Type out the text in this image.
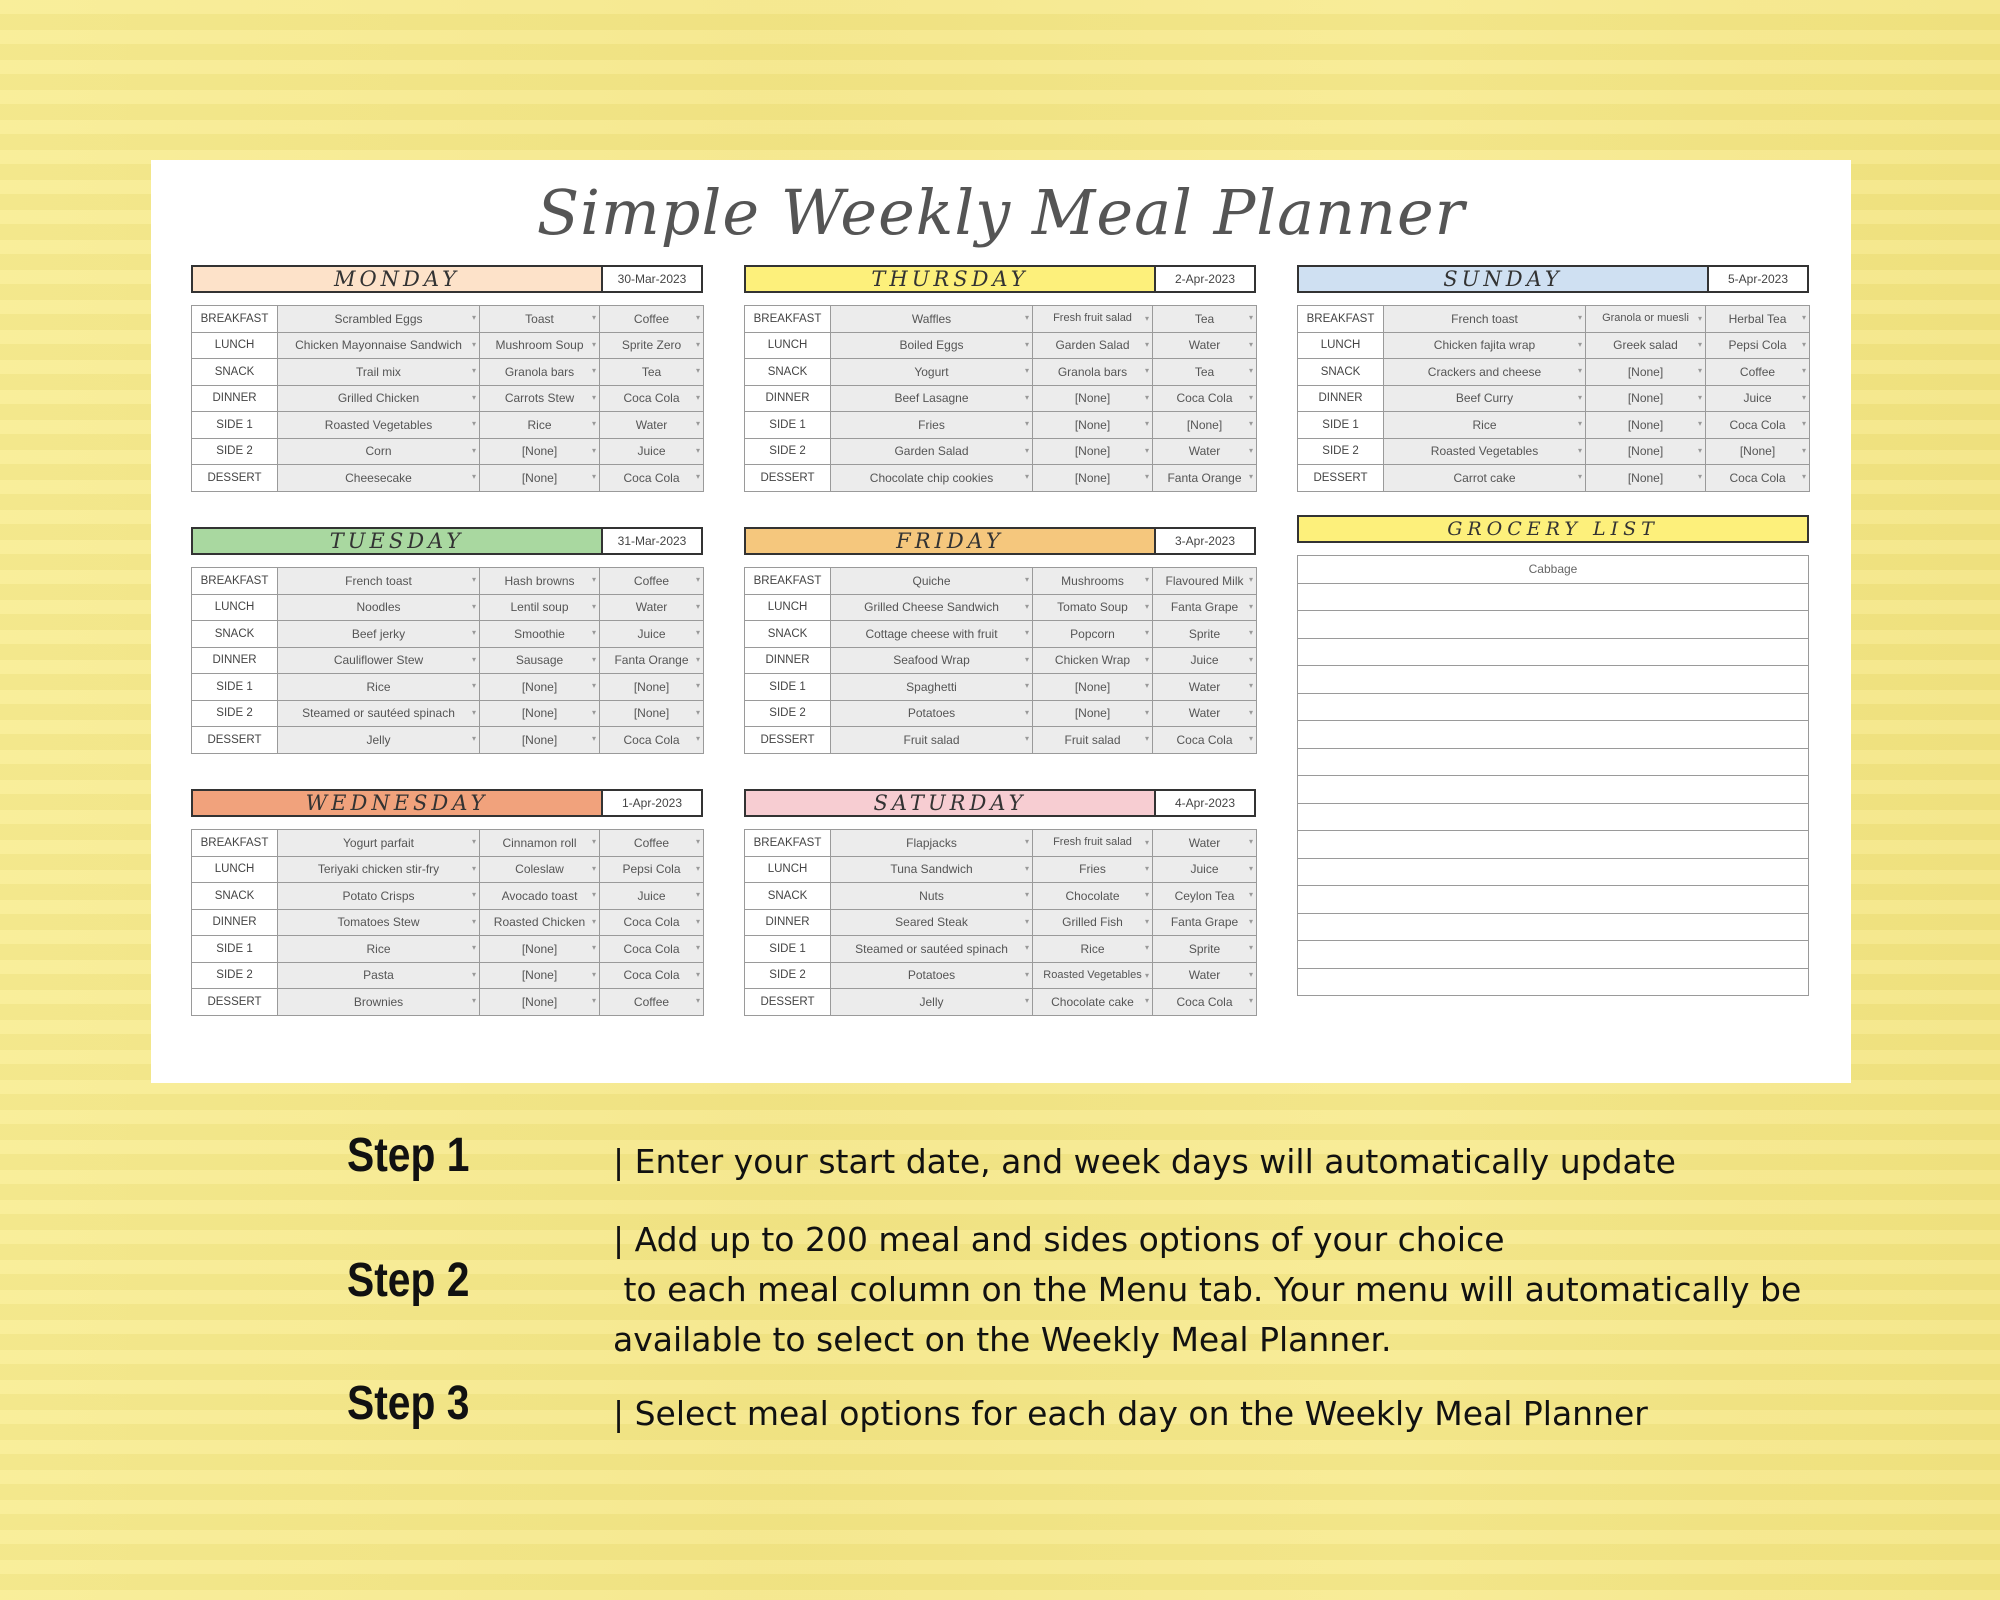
Simple Weekly Meal Planner
MONDAY	30-Mar-2023
BREAKFAST	Scrambled Eggs ▾	Toast ▾	Coffee ▾
LUNCH	Chicken Mayonnaise Sandwich ▾	Mushroom Soup ▾	Sprite Zero ▾
SNACK	Trail mix ▾	Granola bars ▾	Tea ▾
DINNER	Grilled Chicken ▾	Carrots Stew ▾	Coca Cola ▾
SIDE 1	Roasted Vegetables ▾	Rice ▾	Water ▾
SIDE 2	Corn ▾	[None] ▾	Juice ▾
DESSERT	Cheesecake ▾	[None] ▾	Coca Cola ▾
TUESDAY	31-Mar-2023
BREAKFAST	French toast ▾	Hash browns ▾	Coffee ▾
LUNCH	Noodles ▾	Lentil soup ▾	Water ▾
SNACK	Beef jerky ▾	Smoothie ▾	Juice ▾
DINNER	Cauliflower Stew ▾	Sausage ▾	Fanta Orange ▾
SIDE 1	Rice ▾	[None] ▾	[None] ▾
SIDE 2	Steamed or sautéed spinach ▾	[None] ▾	[None] ▾
DESSERT	Jelly ▾	[None] ▾	Coca Cola ▾
WEDNESDAY	1-Apr-2023
BREAKFAST	Yogurt parfait ▾	Cinnamon roll ▾	Coffee ▾
LUNCH	Teriyaki chicken stir-fry ▾	Coleslaw ▾	Pepsi Cola ▾
SNACK	Potato Crisps ▾	Avocado toast ▾	Juice ▾
DINNER	Tomatoes Stew ▾	Roasted Chicken ▾	Coca Cola ▾
SIDE 1	Rice ▾	[None] ▾	Coca Cola ▾
SIDE 2	Pasta ▾	[None] ▾	Coca Cola ▾
DESSERT	Brownies ▾	[None] ▾	Coffee ▾
THURSDAY	2-Apr-2023
BREAKFAST	Waffles ▾	Fresh fruit salad ▾	Tea ▾
LUNCH	Boiled Eggs ▾	Garden Salad ▾	Water ▾
SNACK	Yogurt ▾	Granola bars ▾	Tea ▾
DINNER	Beef Lasagne ▾	[None] ▾	Coca Cola ▾
SIDE 1	Fries ▾	[None] ▾	[None] ▾
SIDE 2	Garden Salad ▾	[None] ▾	Water ▾
DESSERT	Chocolate chip cookies ▾	[None] ▾	Fanta Orange ▾
FRIDAY	3-Apr-2023
BREAKFAST	Quiche ▾	Mushrooms ▾	Flavoured Milk ▾
LUNCH	Grilled Cheese Sandwich ▾	Tomato Soup ▾	Fanta Grape ▾
SNACK	Cottage cheese with fruit ▾	Popcorn ▾	Sprite ▾
DINNER	Seafood Wrap ▾	Chicken Wrap ▾	Juice ▾
SIDE 1	Spaghetti ▾	[None] ▾	Water ▾
SIDE 2	Potatoes ▾	[None] ▾	Water ▾
DESSERT	Fruit salad ▾	Fruit salad ▾	Coca Cola ▾
SATURDAY	4-Apr-2023
BREAKFAST	Flapjacks ▾	Fresh fruit salad ▾	Water ▾
LUNCH	Tuna Sandwich ▾	Fries ▾	Juice ▾
SNACK	Nuts ▾	Chocolate ▾	Ceylon Tea ▾
DINNER	Seared Steak ▾	Grilled Fish ▾	Fanta Grape ▾
SIDE 1	Steamed or sautéed spinach ▾	Rice ▾	Sprite ▾
SIDE 2	Potatoes ▾	Roasted Vegetables ▾	Water ▾
DESSERT	Jelly ▾	Chocolate cake ▾	Coca Cola ▾
SUNDAY	5-Apr-2023
BREAKFAST	French toast ▾	Granola or muesli ▾	Herbal Tea ▾
LUNCH	Chicken fajita wrap ▾	Greek salad ▾	Pepsi Cola ▾
SNACK	Crackers and cheese ▾	[None] ▾	Coffee ▾
DINNER	Beef Curry ▾	[None] ▾	Juice ▾
SIDE 1	Rice ▾	[None] ▾	Coca Cola ▾
SIDE 2	Roasted Vegetables ▾	[None] ▾	[None] ▾
DESSERT	Carrot cake ▾	[None] ▾	Coca Cola ▾
GROCERY LIST
Cabbage
Step 1	| Enter your start date, and week days will automatically update
Step 2
| Add up to 200 meal and sides options of your choice
to each meal column on the Menu tab. Your menu will automatically be
available to select on the Weekly Meal Planner.
Step 3	| Select meal options for each day on the Weekly Meal Planner
